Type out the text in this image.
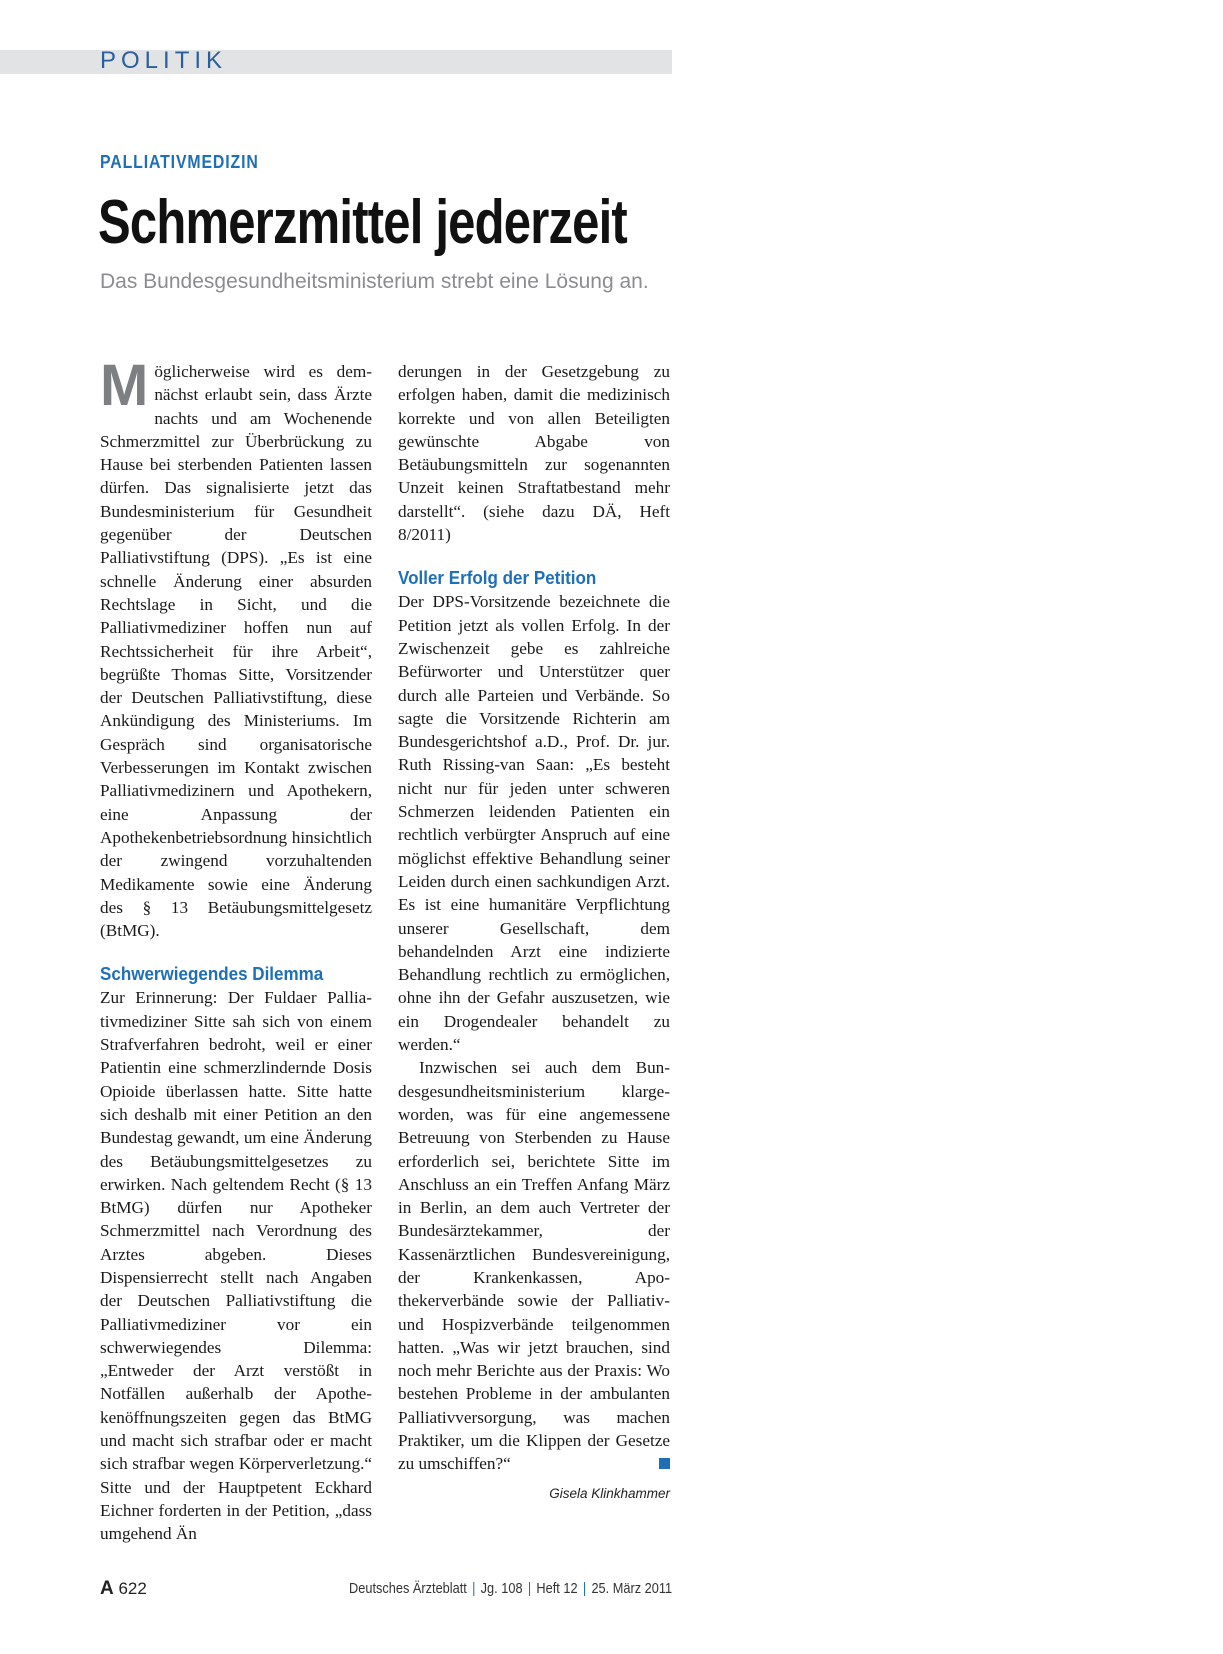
POLITIK
PALLIATIVMEDIZIN
Schmerzmittel jederzeit
Das Bundesgesundheitsministerium strebt eine Lösung an.

Möglicherweise wird es demnächst erlaubt sein, dass Ärzte nachts und am Wochenende Schmerzmittel zur Überbrückung zu Hause bei sterbenden Patienten lassen dürfen. Das signalisierte jetzt das Bundesministerium für Gesundheit gegenüber der Deutschen Palliativstiftung (DPS). „Es ist eine schnelle Änderung einer absurden Rechtslage in Sicht, und die Palliativmediziner hoffen nun auf Rechtssicherheit für ihre Arbeit“, begrüßte Thomas Sitte, Vorsitzender der Deutschen Palliativstiftung, diese Ankündigung des Ministeriums. Im Gespräch sind organisatorische Verbesserungen im Kontakt zwischen Palliativmedizinern und Apothekern, eine Anpassung der Apothekenbetriebsordnung hinsichtlich der zwingend vorzuhaltenden Medikamente sowie eine Änderung des § 13 Betäubungsmittelgesetz (BtMG).

Schwerwiegendes Dilemma

Zur Erinnerung: Der Fuldaer Palliativmediziner Sitte sah sich von einem Strafverfahren bedroht, weil er einer Patientin eine schmerzlindernde Dosis Opioide überlassen hatte. Sitte hatte sich deshalb mit einer Petition an den Bundestag gewandt, um eine Änderung des Betäubungsmittelgesetzes zu erwirken. Nach geltendem Recht (§ 13 BtMG) dürfen nur Apotheker Schmerzmittel nach Verordnung des Arztes abgeben. Dieses Dispensierrecht stellt nach Angaben der Deutschen Palliativstiftung die Palliativmediziner vor ein schwerwiegendes Dilemma: „Entweder der Arzt verstößt in Notfällen außerhalb der Apothekenöffnungszeiten gegen das BtMG und macht sich strafbar oder er macht sich strafbar wegen Körperverletzung.“ Sitte und der Hauptpetent Eckhard Eichner forderten in der Petition, „dass umgehend Än

derungen in der Gesetzgebung zu erfolgen haben, damit die medizinisch korrekte und von allen Beteiligten gewünschte Abgabe von Betäubungsmitteln zur sogenannten Unzeit keinen Straftatbestand mehr darstellt“. (siehe dazu DÄ, Heft 8/2011)

Voller Erfolg der Petition

Der DPS-Vorsitzende bezeichnete die Petition jetzt als vollen Erfolg. In der Zwischenzeit gebe es zahlreiche Befürworter und Unterstützer quer durch alle Parteien und Verbände. So sagte die Vorsitzende Richterin am Bundesgerichtshof a.D., Prof. Dr. jur. Ruth Rissing-van Saan: „Es besteht nicht nur für jeden unter schweren Schmerzen leidenden Patienten ein rechtlich verbürgter Anspruch auf eine möglichst effektive Behandlung seiner Leiden durch einen sachkundigen Arzt. Es ist eine humanitäre Verpflichtung unserer Gesellschaft, dem behandelnden Arzt eine indizierte Behandlung rechtlich zu ermöglichen, ohne ihn der Gefahr auszusetzen, wie ein Drogendealer behandelt zu werden.“

Inzwischen sei auch dem Bundesgesundheitsministerium klargeworden, was für eine angemessene Betreuung von Sterbenden zu Hause erforderlich sei, berichtete Sitte im Anschluss an ein Treffen Anfang März in Berlin, an dem auch Vertreter der Bundesärztekammer, der Kassenärztlichen Bundesvereinigung, der Krankenkassen, Apothekerverbände sowie der Palliativ- und Hospizverbände teilgenommen hatten. „Was wir jetzt brauchen, sind noch mehr Berichte aus der Praxis: Wo bestehen Probleme in der ambulanten Palliativversorgung, was machen Praktiker, um die Klippen der Gesetze zu umschiffen?“

Gisela Klinkhammer

A 622	Deutsches Ärzteblatt | Jg. 108 | Heft 12 | 25. März 2011
